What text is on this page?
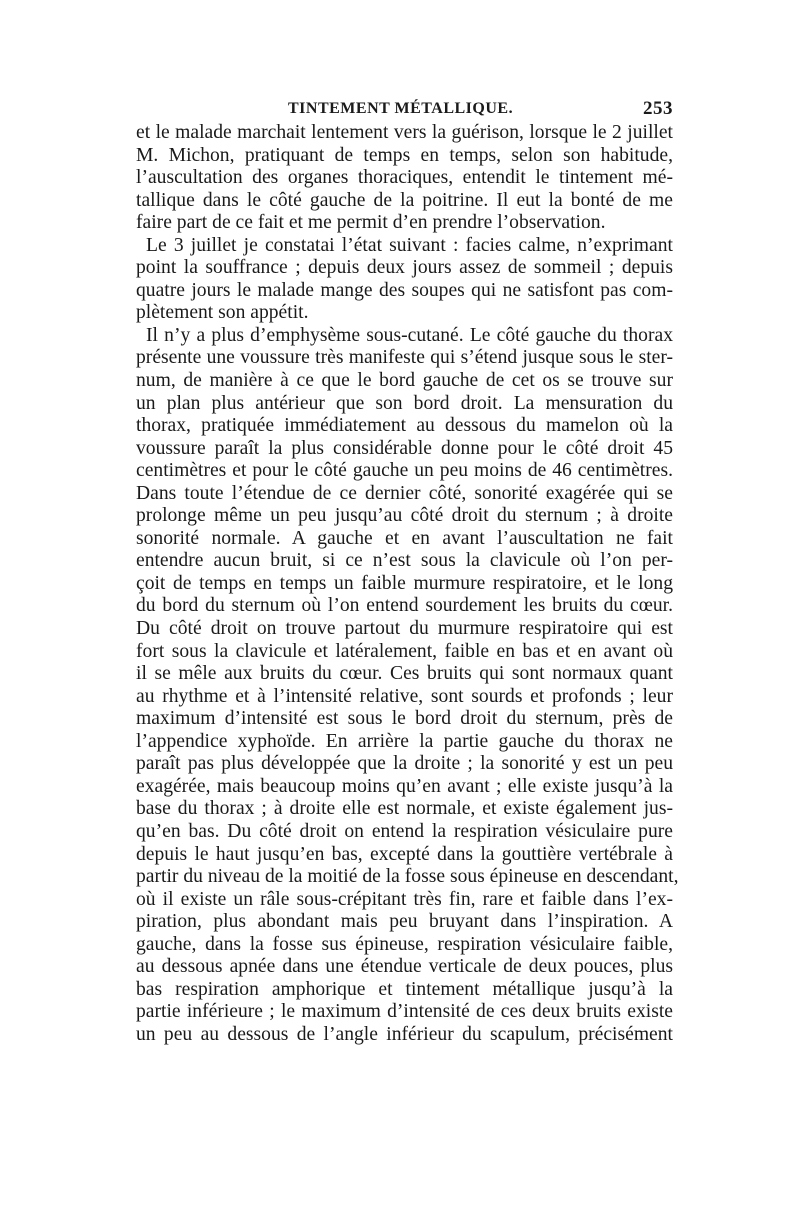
TINTEMENT MÉTALLIQUE.	253
et le malade marchait lentement vers la guérison, lorsque le 2 juillet
M. Michon, pratiquant de temps en temps, selon son habitude,
l’auscultation des organes thoraciques, entendit le tintement mé-
tallique dans le côté gauche de la poitrine. Il eut la bonté de me
faire part de ce fait et me permit d’en prendre l’observation.
Le 3 juillet je constatai l’état suivant : facies calme, n’exprimant
point la souffrance ; depuis deux jours assez de sommeil ; depuis
quatre jours le malade mange des soupes qui ne satisfont pas com-
plètement son appétit.
Il n’y a plus d’emphysème sous-cutané. Le côté gauche du thorax
présente une voussure très manifeste qui s’étend jusque sous le ster-
num, de manière à ce que le bord gauche de cet os se trouve sur
un plan plus antérieur que son bord droit. La mensuration du
thorax, pratiquée immédiatement au dessous du mamelon où la
voussure paraît la plus considérable donne pour le côté droit 45
centimètres et pour le côté gauche un peu moins de 46 centimètres.
Dans toute l’étendue de ce dernier côté, sonorité exagérée qui se
prolonge même un peu jusqu’au côté droit du sternum ; à droite
sonorité normale. A gauche et en avant l’auscultation ne fait
entendre aucun bruit, si ce n’est sous la clavicule où l’on per-
çoit de temps en temps un faible murmure respiratoire, et le long
du bord du sternum où l’on entend sourdement les bruits du cœur.
Du côté droit on trouve partout du murmure respiratoire qui est
fort sous la clavicule et latéralement, faible en bas et en avant où
il se mêle aux bruits du cœur. Ces bruits qui sont normaux quant
au rhythme et à l’intensité relative, sont sourds et profonds ; leur
maximum d’intensité est sous le bord droit du sternum, près de
l’appendice xyphoïde. En arrière la partie gauche du thorax ne
paraît pas plus développée que la droite ; la sonorité y est un peu
exagérée, mais beaucoup moins qu’en avant ; elle existe jusqu’à la
base du thorax ; à droite elle est normale, et existe également jus-
qu’en bas. Du côté droit on entend la respiration vésiculaire pure
depuis le haut jusqu’en bas, excepté dans la gouttière vertébrale à
partir du niveau de la moitié de la fosse sous épineuse en descendant,
où il existe un râle sous-crépitant très fin, rare et faible dans l’ex-
piration, plus abondant mais peu bruyant dans l’inspiration. A
gauche, dans la fosse sus épineuse, respiration vésiculaire faible,
au dessous apnée dans une étendue verticale de deux pouces, plus
bas respiration amphorique et tintement métallique jusqu’à la
partie inférieure ; le maximum d’intensité de ces deux bruits existe
un peu au dessous de l’angle inférieur du scapulum, précisément
